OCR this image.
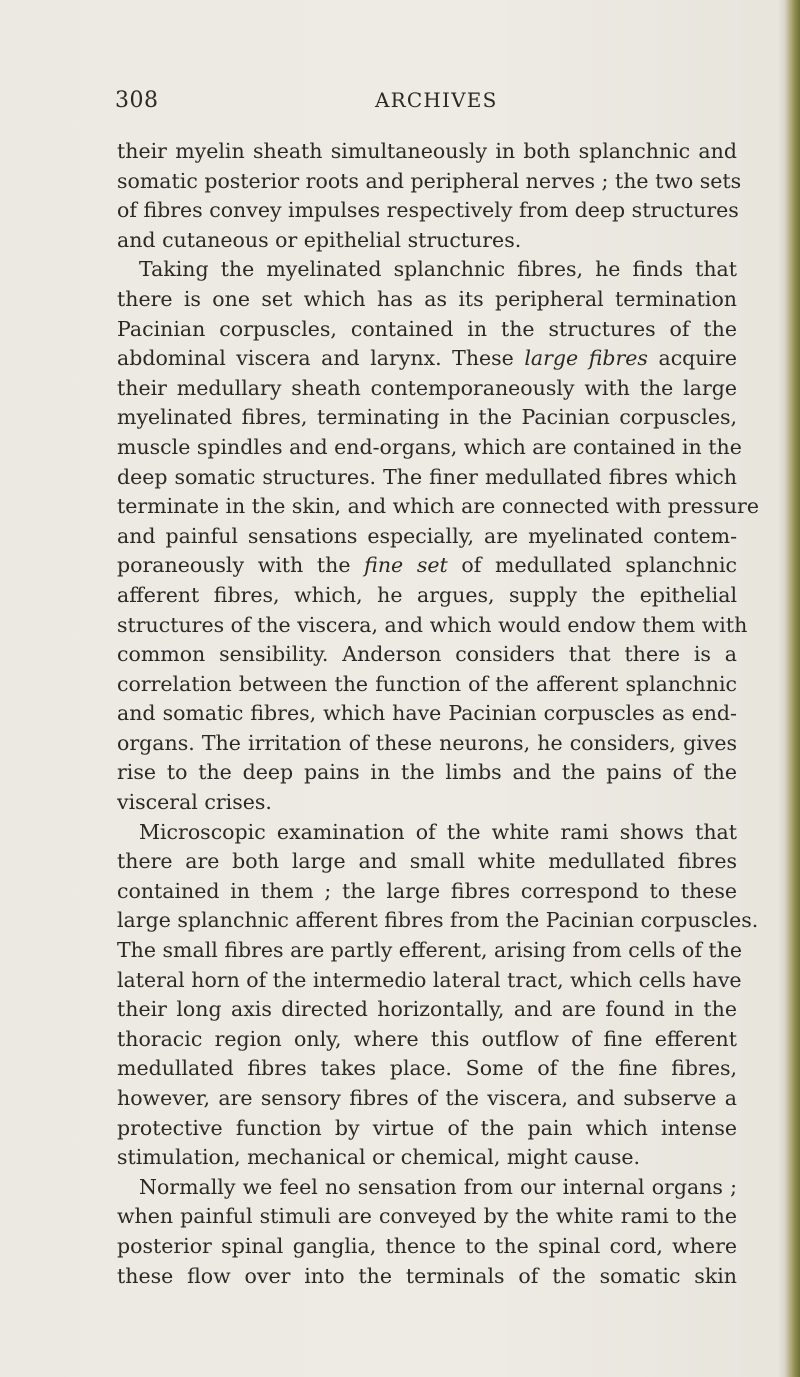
308	ARCHIVES
their myelin sheath simultaneously in both splanchnic and
somatic posterior roots and peripheral nerves ; the two sets
of fibres convey impulses respectively from deep structures
and cutaneous or epithelial structures.
Taking the myelinated splanchnic fibres, he finds that
there is one set which has as its peripheral termination
Pacinian corpuscles, contained in the structures of the
abdominal viscera and larynx. These large fibres acquire
their medullary sheath contemporaneously with the large
myelinated fibres, terminating in the Pacinian corpuscles,
muscle spindles and end-organs, which are contained in the
deep somatic structures. The finer medullated fibres which
terminate in the skin, and which are connected with pressure
and painful sensations especially, are myelinated contem-
poraneously with the fine set of medullated splanchnic
afferent fibres, which, he argues, supply the epithelial
structures of the viscera, and which would endow them with
common sensibility. Anderson considers that there is a
correlation between the function of the afferent splanchnic
and somatic fibres, which have Pacinian corpuscles as end-
organs. The irritation of these neurons, he considers, gives
rise to the deep pains in the limbs and the pains of the
visceral crises.
Microscopic examination of the white rami shows that
there are both large and small white medullated fibres
contained in them ; the large fibres correspond to these
large splanchnic afferent fibres from the Pacinian corpuscles.
The small fibres are partly efferent, arising from cells of the
lateral horn of the intermedio lateral tract, which cells have
their long axis directed horizontally, and are found in the
thoracic region only, where this outflow of fine efferent
medullated fibres takes place. Some of the fine fibres,
however, are sensory fibres of the viscera, and subserve a
protective function by virtue of the pain which intense
stimulation, mechanical or chemical, might cause.
Normally we feel no sensation from our internal organs ;
when painful stimuli are conveyed by the white rami to the
posterior spinal ganglia, thence to the spinal cord, where
these flow over into the terminals of the somatic skin
